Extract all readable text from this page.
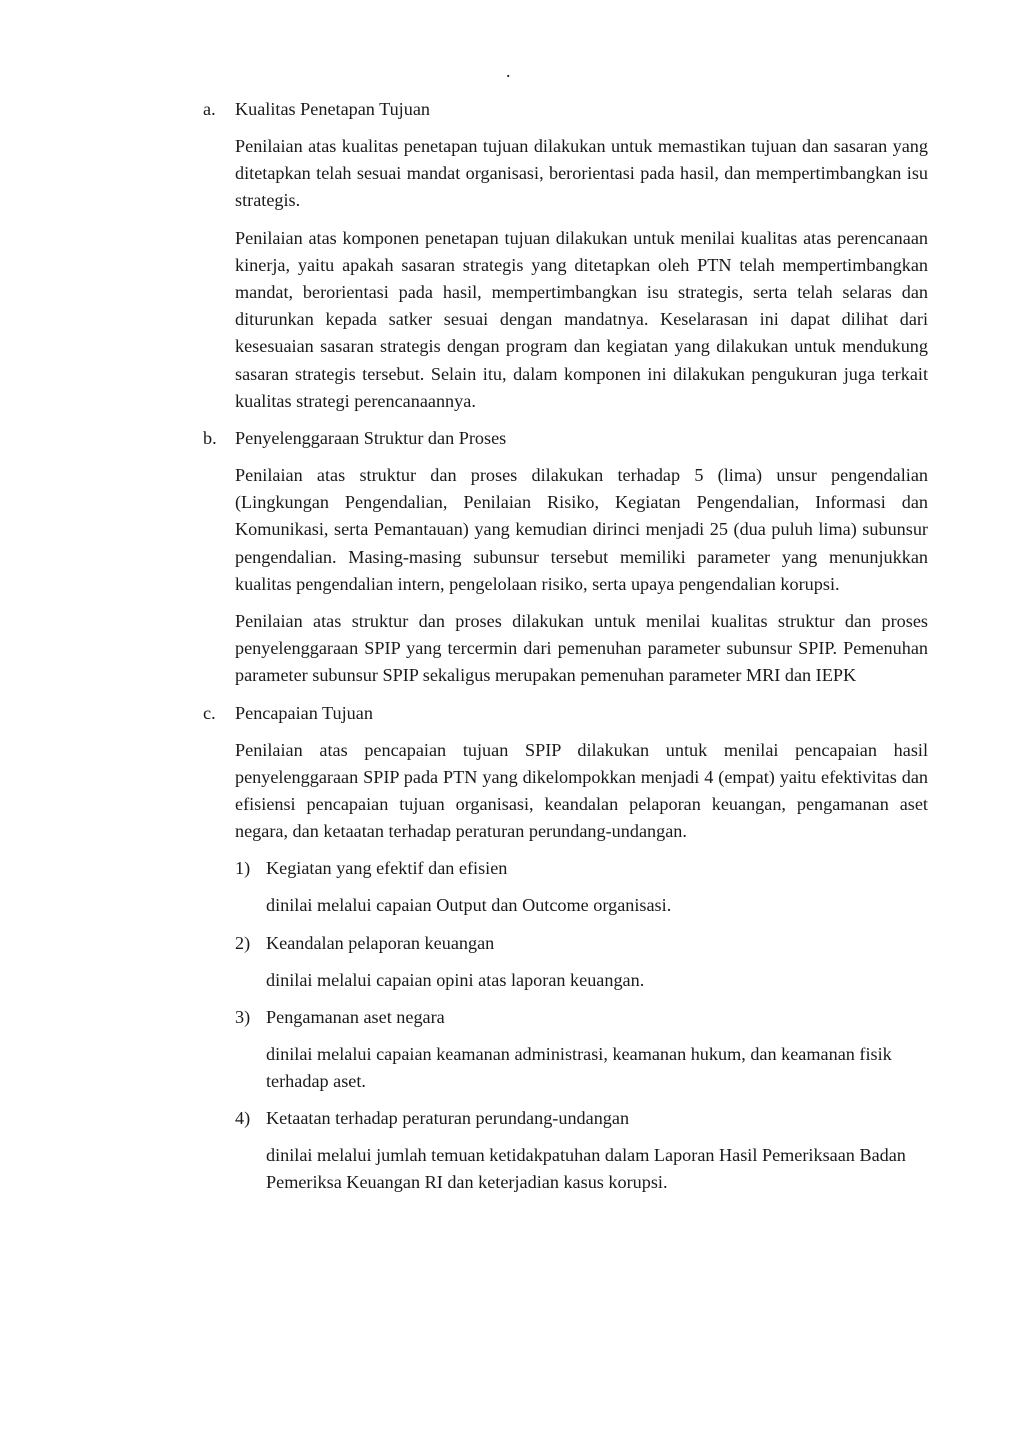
.
a. Kualitas Penetapan Tujuan

Penilaian atas kualitas penetapan tujuan dilakukan untuk memastikan tujuan dan sasaran yang ditetapkan telah sesuai mandat organisasi, berorientasi pada hasil, dan mempertimbangkan isu strategis.

Penilaian atas komponen penetapan tujuan dilakukan untuk menilai kualitas atas perencanaan kinerja, yaitu apakah sasaran strategis yang ditetapkan oleh PTN telah mempertimbangkan mandat, berorientasi pada hasil, mempertimbangkan isu strategis, serta telah selaras dan diturunkan kepada satker sesuai dengan mandatnya. Keselarasan ini dapat dilihat dari kesesuaian sasaran strategis dengan program dan kegiatan yang dilakukan untuk mendukung sasaran strategis tersebut. Selain itu, dalam komponen ini dilakukan pengukuran juga terkait kualitas strategi perencanaannya.

b. Penyelenggaraan Struktur dan Proses

Penilaian atas struktur dan proses dilakukan terhadap 5 (lima) unsur pengendalian (Lingkungan Pengendalian, Penilaian Risiko, Kegiatan Pengendalian, Informasi dan Komunikasi, serta Pemantauan) yang kemudian dirinci menjadi 25 (dua puluh lima) subunsur pengendalian. Masing-masing subunsur tersebut memiliki parameter yang menunjukkan kualitas pengendalian intern, pengelolaan risiko, serta upaya pengendalian korupsi.

Penilaian atas struktur dan proses dilakukan untuk menilai kualitas struktur dan proses penyelenggaraan SPIP yang tercermin dari pemenuhan parameter subunsur SPIP. Pemenuhan parameter subunsur SPIP sekaligus merupakan pemenuhan parameter MRI dan IEPK

c. Pencapaian Tujuan

Penilaian atas pencapaian tujuan SPIP dilakukan untuk menilai pencapaian hasil penyelenggaraan SPIP pada PTN yang dikelompokkan menjadi 4 (empat) yaitu efektivitas dan efisiensi pencapaian tujuan organisasi, keandalan pelaporan keuangan, pengamanan aset negara, dan ketaatan terhadap peraturan perundang-undangan.

1) Kegiatan yang efektif dan efisien
dinilai melalui capaian Output dan Outcome organisasi.
2) Keandalan pelaporan keuangan
dinilai melalui capaian opini atas laporan keuangan.
3) Pengamanan aset negara
dinilai melalui capaian keamanan administrasi, keamanan hukum, dan keamanan fisik terhadap aset.
4) Ketaatan terhadap peraturan perundang-undangan
dinilai melalui jumlah temuan ketidakpatuhan dalam Laporan Hasil Pemeriksaan Badan Pemeriksa Keuangan RI dan keterjadian kasus korupsi.
